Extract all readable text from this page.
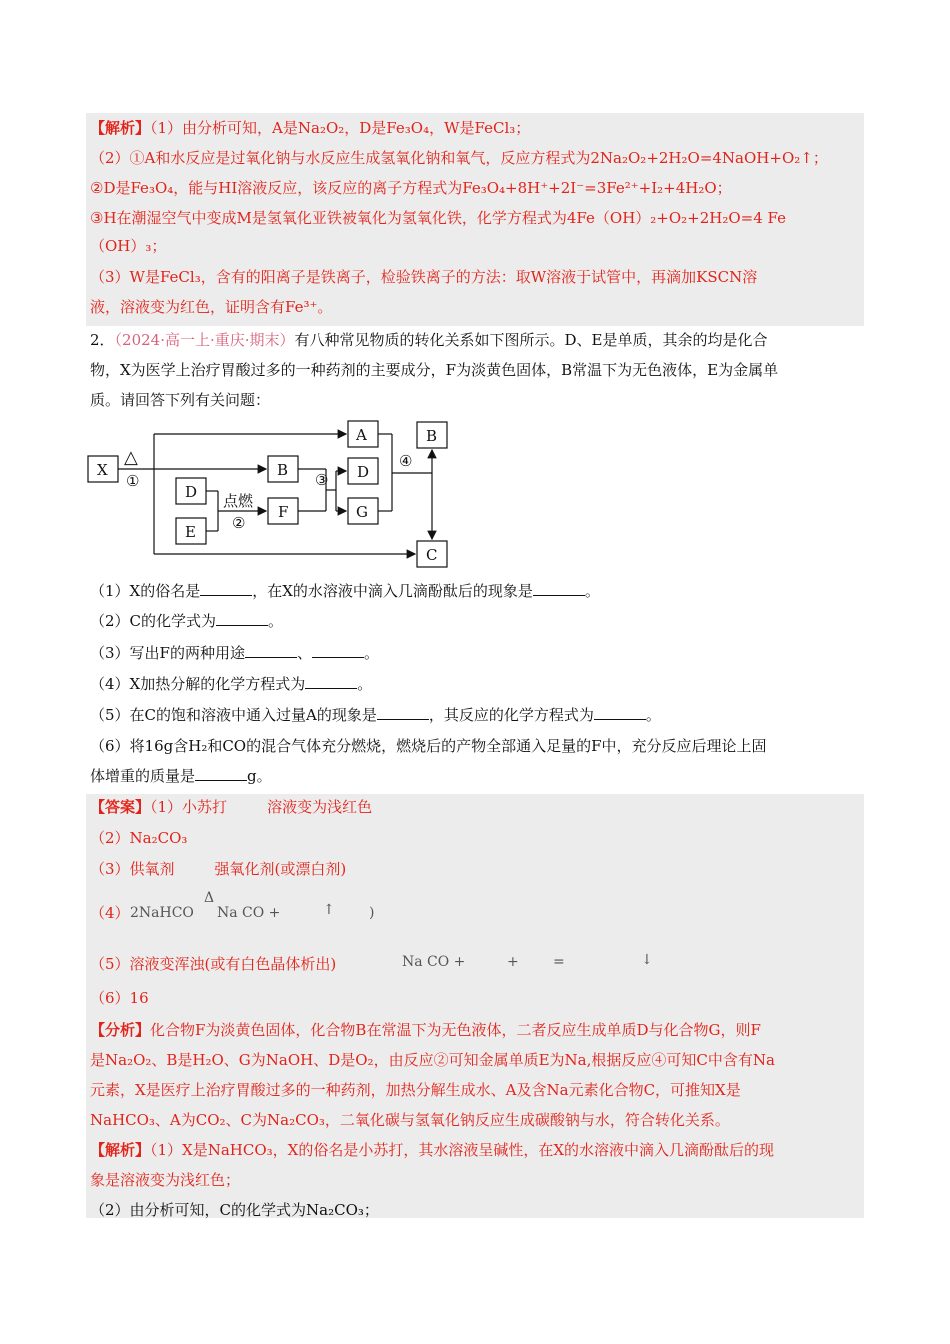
【解析】（1）由分析可知，A是Na₂O₂，D是Fe₃O₄，W是FeCl₃；
（2）①A和水反应是过氧化钠与水反应生成氢氧化钠和氧气，反应方程式为2Na₂O₂+2H₂O=4NaOH+O₂↑；
②D是Fe₃O₄，能与HI溶液反应，该反应的离子方程式为Fe₃O₄+8H⁺+2I⁻=3Fe²⁺+I₂+4H₂O；
③H在潮湿空气中变成M是氢氧化亚铁被氧化为氢氧化铁，化学方程式为4Fe（OH）₂+O₂+2H₂O=4 Fe
（OH）₃；
（3）W是FeCl₃，含有的阳离子是铁离子，检验铁离子的方法：取W溶液于试管中，再滴加KSCN溶
液，溶液变为红色，证明含有Fe³⁺。
2．（2024·高一上·重庆·期末）有八种常见物质的转化关系如下图所示。D、E是单质，其余的均是化合
物，X为医学上治疗胃酸过多的一种药剂的主要成分，F为淡黄色固体，B常温下为无色液体，E为金属单
质。请回答下列有关问题：
X
D
E
B
F
A
D
G
B
C
△
①
点燃
②
③
④
（1）X的俗名是	，在X的水溶液中滴入几滴酚酞后的现象是	。
（2）C的化学式为	。
（3）写出F的两种用途	、	。
（4）X加热分解的化学方程式为	。
（5）在C的饱和溶液中通入过量A的现象是	，其反应的化学方程式为	。
（6）将16g含H₂和CO的混合气体充分燃烧，燃烧后的产物全部通入足量的F中，充分反应后理论上固
体增重的质量是	g。
【答案】（1）小苏打	溶液变为浅红色
（2）Na₂CO₃
（3）供氧剂	强氧化剂(或漂白剂)
（4） 2NaHCO
Δ
Na CO +	↑ )
（5）溶液变浑浊(或有白色晶体析出)	Na CO +	+ =	↓
（6）16
【分析】化合物F为淡黄色固体，化合物B在常温下为无色液体，二者反应生成单质D与化合物G，则F
是Na₂O₂、B是H₂O、G为NaOH、D是O₂，由反应②可知金属单质E为Na,根据反应④可知C中含有Na
元素，X是医疗上治疗胃酸过多的一种药剂，加热分解生成水、A及含Na元素化合物C，可推知X是
NaHCO₃、A为CO₂、C为Na₂CO₃，二氧化碳与氢氧化钠反应生成碳酸钠与水，符合转化关系。
【解析】（1）X是NaHCO₃，X的俗名是小苏打，其水溶液呈碱性，在X的水溶液中滴入几滴酚酞后的现
象是溶液变为浅红色；
（2）由分析可知，C的化学式为Na₂CO₃；
